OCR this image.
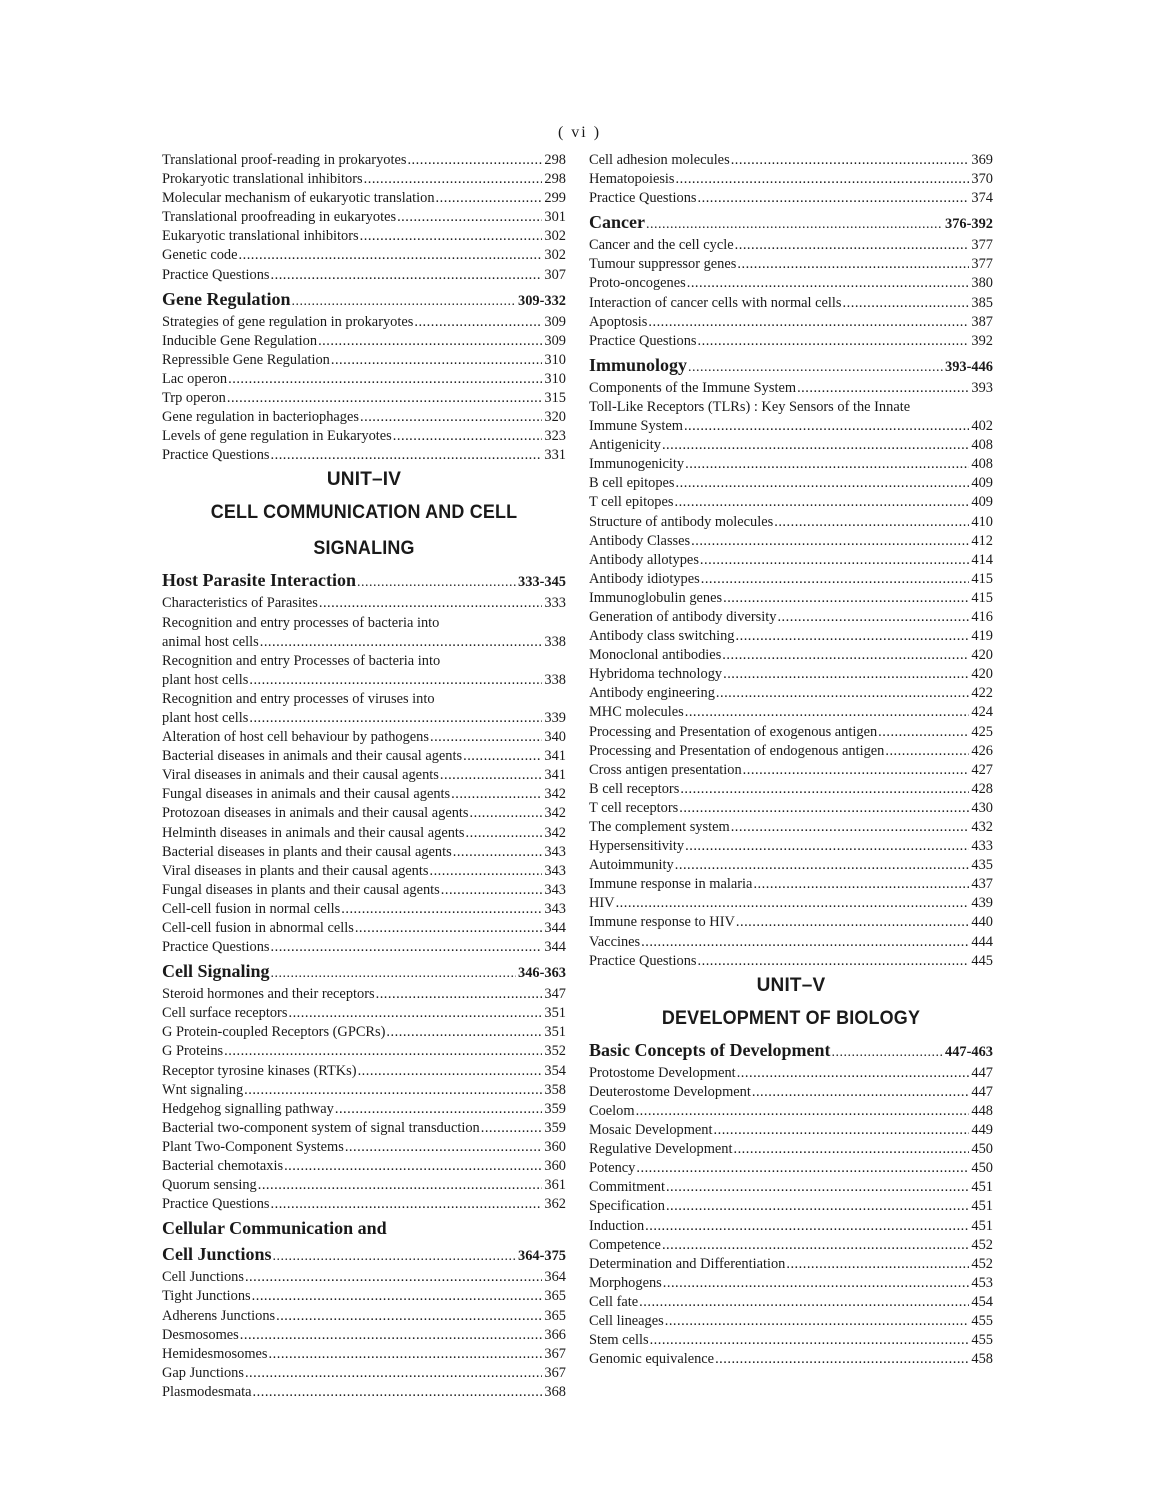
( vi )
Translational proof-reading in prokaryotes .....	298
Prokaryotic translational inhibitors .....	298
Molecular mechanism of eukaryotic translation .....	299
Translational proofreading in eukaryotes .....	301
Eukaryotic translational inhibitors .....	302
Genetic code .....	302
Practice Questions .....	307
Gene Regulation .....	309-332
Strategies of gene regulation in prokaryotes .....	309
Inducible Gene Regulation .....	309
Repressible Gene Regulation .....	310
Lac operon .....	310
Trp operon .....	315
Gene regulation in bacteriophages .....	320
Levels of gene regulation in Eukaryotes .....	323
Practice Questions .....	331
UNIT–IV
CELL COMMUNICATION AND CELL SIGNALING
Host Parasite Interaction .....	333-345
Characteristics of Parasites .....	333
Recognition and entry processes of bacteria into
animal host cells .....	338
Recognition and entry Processes of bacteria into
plant host cells .....	338
Recognition and entry processes of viruses into
plant host cells .....	339
Alteration of host cell behaviour by pathogens .....	340
Bacterial diseases in animals and their causal agents .....	341
Viral diseases in animals and their causal agents .....	341
Fungal diseases in animals and their causal agents .....	342
Protozoan diseases in animals and their causal agents .....	342
Helminth diseases in animals and their causal agents .....	342
Bacterial diseases in plants and their causal agents .....	343
Viral diseases in plants and their causal agents .....	343
Fungal diseases in plants and their causal agents .....	343
Cell-cell fusion in normal cells .....	343
Cell-cell fusion in abnormal cells .....	344
Practice Questions .....	344
Cell Signaling .....	346-363
Steroid hormones and their receptors .....	347
Cell surface receptors .....	351
G Protein-coupled Receptors (GPCRs) .....	351
G Proteins .....	352
Receptor tyrosine kinases (RTKs) .....	354
Wnt signaling .....	358
Hedgehog signalling pathway .....	359
Bacterial two-component system of signal transduction .....	359
Plant Two-Component Systems .....	360
Bacterial chemotaxis .....	360
Quorum sensing .....	361
Practice Questions .....	362
Cellular Communication and
Cell Junctions .....	364-375
Cell Junctions .....	364
Tight Junctions .....	365
Adherens Junctions .....	365
Desmosomes .....	366
Hemidesmosomes .....	367
Gap Junctions .....	367
Plasmodesmata .....	368
Cell adhesion molecules .....	369
Hematopoiesis .....	370
Practice Questions .....	374
Cancer .....	376-392
Cancer and the cell cycle .....	377
Tumour suppressor genes .....	377
Proto-oncogenes .....	380
Interaction of cancer cells with normal cells .....	385
Apoptosis .....	387
Practice Questions .....	392
Immunology .....	393-446
Components of the Immune System .....	393
Toll-Like Receptors (TLRs) : Key Sensors of the Innate
Immune System .....	402
Antigenicity .....	408
Immunogenicity .....	408
B cell epitopes .....	409
T cell epitopes .....	409
Structure of antibody molecules .....	410
Antibody Classes .....	412
Antibody allotypes .....	414
Antibody idiotypes .....	415
Immunoglobulin genes .....	415
Generation of antibody diversity .....	416
Antibody class switching .....	419
Monoclonal antibodies .....	420
Hybridoma technology .....	420
Antibody engineering .....	422
MHC molecules .....	424
Processing and Presentation of exogenous antigen .....	425
Processing and Presentation of endogenous antigen .....	426
Cross antigen presentation .....	427
B cell receptors .....	428
T cell receptors .....	430
The complement system .....	432
Hypersensitivity .....	433
Autoimmunity .....	435
Immune response in malaria .....	437
HIV .....	439
Immune response to HIV .....	440
Vaccines .....	444
Practice Questions .....	445
UNIT–V
DEVELOPMENT OF BIOLOGY
Basic Concepts of Development .....	447-463
Protostome Development .....	447
Deuterostome Development .....	447
Coelom .....	448
Mosaic Development .....	449
Regulative Development .....	450
Potency .....	450
Commitment .....	451
Specification .....	451
Induction .....	451
Competence .....	452
Determination and Differentiation .....	452
Morphogens .....	453
Cell fate .....	454
Cell lineages .....	455
Stem cells .....	455
Genomic equivalence .....	458
